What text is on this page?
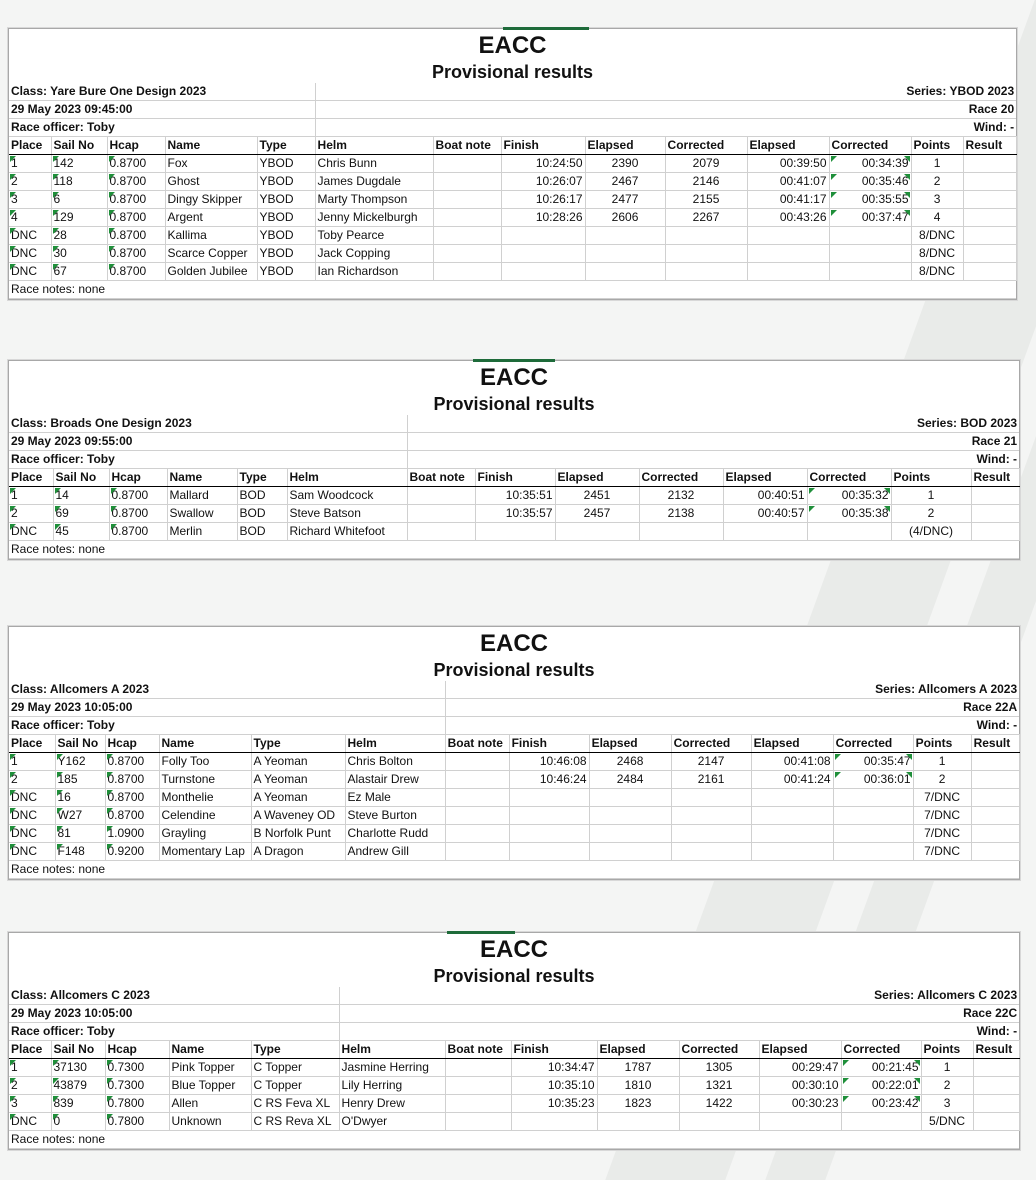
EACC
Provisional results
Class: Yare Bure One Design 2023					Series: YBOD 2023								
29 May 2023 09:45:00					Race 20								
Race officer: Toby					Wind: -								
Place	Sail No	Hcap	Name	Type	Helm	Boat note	Finish	Elapsed	Corrected	Elapsed	Corrected	Points	Result
1	142	0.8700	Fox	YBOD	Chris Bunn		10:24:50	2390	2079	00:39:50	00:34:39	1	
2	118	0.8700	Ghost	YBOD	James Dugdale		10:26:07	2467	2146	00:41:07	00:35:46	2	
3	6	0.8700	Dingy Skipper	YBOD	Marty Thompson		10:26:17	2477	2155	00:41:17	00:35:55	3	
4	129	0.8700	Argent	YBOD	Jenny Mickelburgh		10:28:26	2606	2267	00:43:26	00:37:47	4	
DNC	28	0.8700	Kallima	YBOD	Toby Pearce							8/DNC	
DNC	30	0.8700	Scarce Copper	YBOD	Jack Copping							8/DNC	
DNC	67	0.8700	Golden Jubilee	YBOD	Ian Richardson							8/DNC	
Race notes: none													
EACC
Provisional results
Class: Broads One Design 2023						Series: BOD 2023							
29 May 2023 09:55:00						Race 21							
Race officer: Toby						Wind: -							
Place	Sail No	Hcap	Name	Type	Helm	Boat note	Finish	Elapsed	Corrected	Elapsed	Corrected	Points	Result
1	14	0.8700	Mallard	BOD	Sam Woodcock		10:35:51	2451	2132	00:40:51	00:35:32	1	
2	69	0.8700	Swallow	BOD	Steve Batson		10:35:57	2457	2138	00:40:57	00:35:38	2	
DNC	45	0.8700	Merlin	BOD	Richard Whitefoot							(4/DNC)	
Race notes: none													
EACC
Provisional results
Class: Allcomers A 2023						Series: Allcomers A 2023							
29 May 2023 10:05:00						Race 22A							
Race officer: Toby						Wind: -							
Place	Sail No	Hcap	Name	Type	Helm	Boat note	Finish	Elapsed	Corrected	Elapsed	Corrected	Points	Result
1	Y162	0.8700	Folly Too	A Yeoman	Chris Bolton		10:46:08	2468	2147	00:41:08	00:35:47	1	
2	185	0.8700	Turnstone	A Yeoman	Alastair Drew		10:46:24	2484	2161	00:41:24	00:36:01	2	
DNC	16	0.8700	Monthelie	A Yeoman	Ez Male							7/DNC	
DNC	W27	0.8700	Celendine	A Waveney OD	Steve Burton							7/DNC	
DNC	81	1.0900	Grayling	B Norfolk Punt	Charlotte Rudd							7/DNC	
DNC	F148	0.9200	Momentary Lap	A Dragon	Andrew Gill							7/DNC	
Race notes: none													
EACC
Provisional results
Class: Allcomers C 2023					Series: Allcomers C 2023								
29 May 2023 10:05:00					Race 22C								
Race officer: Toby					Wind: -								
Place	Sail No	Hcap	Name	Type	Helm	Boat note	Finish	Elapsed	Corrected	Elapsed	Corrected	Points	Result
1	37130	0.7300	Pink Topper	C Topper	Jasmine Herring		10:34:47	1787	1305	00:29:47	00:21:45	1	
2	43879	0.7300	Blue Topper	C Topper	Lily Herring		10:35:10	1810	1321	00:30:10	00:22:01	2	
3	839	0.7800	Allen	C RS Feva XL	Henry Drew		10:35:23	1823	1422	00:30:23	00:23:42	3	
DNC	0	0.7800	Unknown	C RS Reva XL	O'Dwyer							5/DNC	
Race notes: none													
